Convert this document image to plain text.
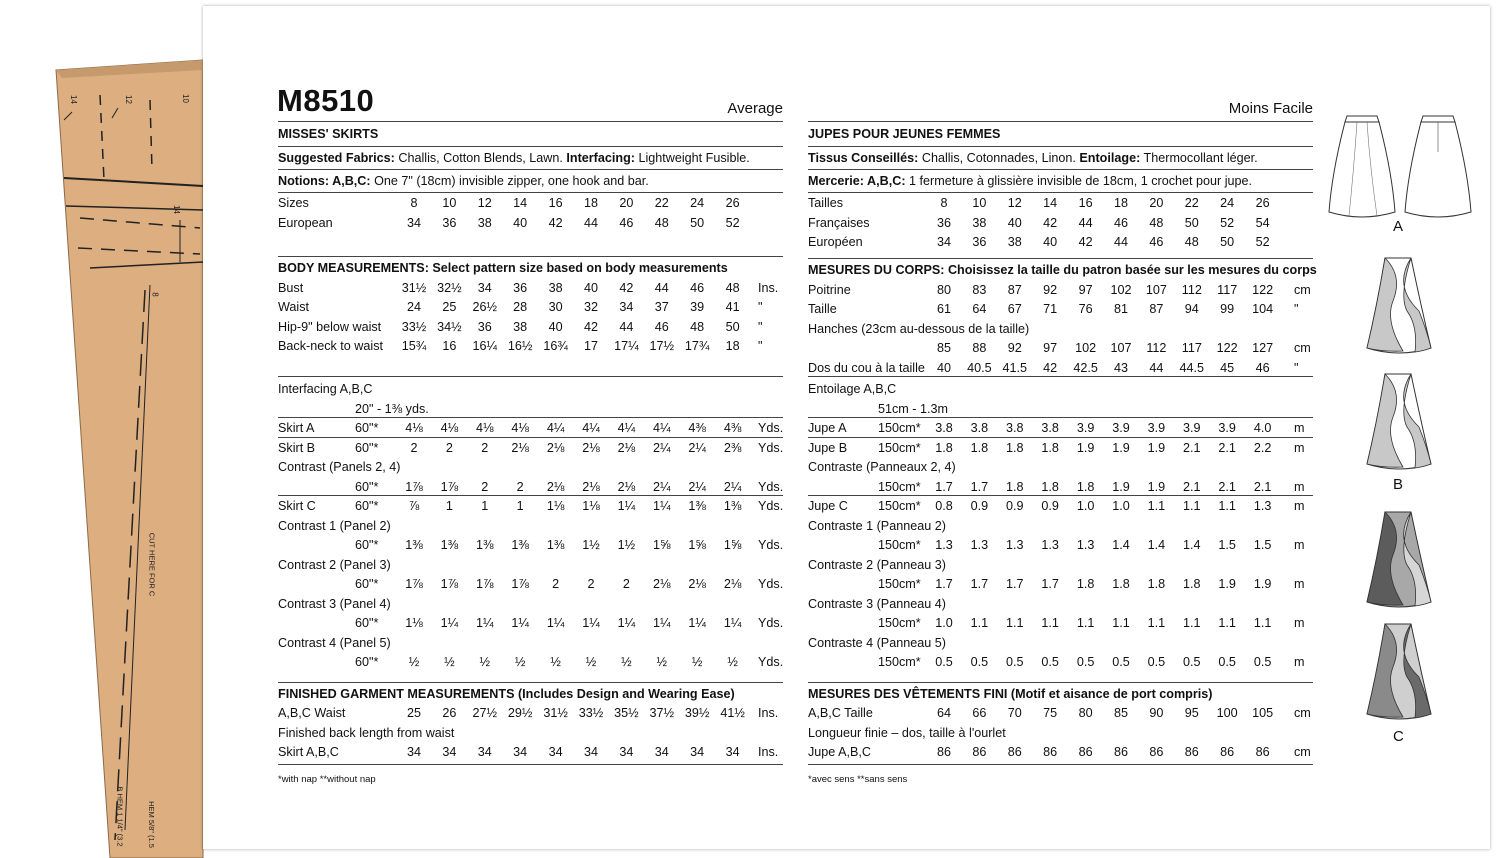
14	12	10
14
8
CUT HERE FOR C
HEM 5/8" (1.5
B HEM 1 1/4" (3.2
M8510	Average
MISSES' SKIRTS
Suggested Fabrics: Challis, Cotton Blends, Lawn. Interfacing: Lightweight Fusible.
Notions: A,B,C: One 7" (18cm) invisible zipper, one hook and bar.
Sizes	8	10	12	14	16	18	20	22	24	26
European	34	36	38	40	42	44	46	48	50	52
BODY MEASUREMENTS: Select pattern size based on body measurements
Bust	31½ 32½	34	36	38	40	42	44	46	48	Ins.
Waist	24	25	26½	28	30	32	34	37	39	41	"
Hip-9" below waist 33½ 34½	36	38	40	42	44	46	48	50	"
Back-neck to waist 15¾	16	16¼ 16½ 16¾	17	17¼ 17½ 17¾	18	"
Interfacing A,B,C
20" - 1⅜ yds.
Skirt A	60"*	4⅛	4⅛	4⅛	4⅛	4¼	4¼	4¼	4¼	4⅜	4⅜	Yds.
Skirt B	60"*	2	2	2	2⅛	2⅛	2⅛	2⅛	2¼	2¼	2⅜	Yds.
Contrast (Panels 2, 4)
60"*	1⅞	1⅞	2	2	2⅛	2⅛	2⅛	2¼	2¼	2¼	Yds.
Skirt C	60"*	⅞	1	1	1	1⅛	1⅛	1¼	1¼	1⅜	1⅜	Yds.
Contrast 1 (Panel 2)
60"*	1⅜	1⅜	1⅜	1⅜	1⅜	1½	1½	1⅝	1⅝	1⅝	Yds.
Contrast 2 (Panel 3)
60"*	1⅞	1⅞	1⅞	1⅞	2	2	2	2⅛	2⅛	2⅛	Yds.
Contrast 3 (Panel 4)
60"*	1⅛	1¼	1¼	1¼	1¼	1¼	1¼	1¼	1¼	1¼	Yds.
Contrast 4 (Panel 5)
60"*	½	½	½	½	½	½	½	½	½	½	Yds.
FINISHED GARMENT MEASUREMENTS (Includes Design and Wearing Ease)
A,B,C Waist	25	26	27½ 29½ 31½ 33½ 35½ 37½ 39½ 41½ Ins.
Finished back length from waist
Skirt A,B,C	34	34	34	34	34	34	34	34	34	34	Ins.
*with nap **without nap
Moins Facile
JUPES POUR JEUNES FEMMES
Tissus Conseillés: Challis, Cotonnades, Linon. Entoilage: Thermocollant léger.
Mercerie: A,B,C: 1 fermeture à glissière invisible de 18cm, 1 crochet pour jupe.
Tailles	8	10	12	14	16	18	20	22	24	26
Françaises	36	38	40	42	44	46	48	50	52	54
Européen	34	36	38	40	42	44	46	48	50	52
MESURES DU CORPS: Choisissez la taille du patron basée sur les mesures du corps
Poitrine	80	83	87	92	97	102	107	112	117	122	cm
Taille	61	64	67	71	76	81	87	94	99	104	"
Hanches (23cm au-dessous de la taille)
85	88	92	97	102	107	112	117	122	127	cm
Dos du cou à la taille 40	40.5 41.5	42	42.5	43	44	44.5	45	46	"
Entoilage A,B,C
51cm - 1.3m
Jupe A 150cm*	3.8	3.8	3.8	3.8	3.9	3.9	3.9	3.9	3.9	4.0	m
Jupe B 150cm*	1.8	1.8	1.8	1.8	1.9	1.9	1.9	2.1	2.1	2.2	m
Contraste (Panneaux 2, 4)
150cm*	1.7	1.7	1.8	1.8	1.8	1.9	1.9	2.1	2.1	2.1	m
Jupe C 150cm*	0.8	0.9	0.9	0.9	1.0	1.0	1.1	1.1	1.1	1.3	m
Contraste 1 (Panneau 2)
150cm*	1.3	1.3	1.3	1.3	1.3	1.4	1.4	1.4	1.5	1.5	m
Contraste 2 (Panneau 3)
150cm*	1.7	1.7	1.7	1.7	1.8	1.8	1.8	1.8	1.9	1.9	m
Contraste 3 (Panneau 4)
150cm*	1.0	1.1	1.1	1.1	1.1	1.1	1.1	1.1	1.1	1.1	m
Contraste 4 (Panneau 5)
150cm*	0.5	0.5	0.5	0.5	0.5	0.5	0.5	0.5	0.5	0.5	m
MESURES DES VÊTEMENTS FINI (Motif et aisance de port compris)
A,B,C Taille	64	66	70	75	80	85	90	95	100	105	cm
Longueur finie – dos, taille à l'ourlet
Jupe A,B,C	86	86	86	86	86	86	86	86	86	86	cm
*avec sens **sans sens
A
B
C
